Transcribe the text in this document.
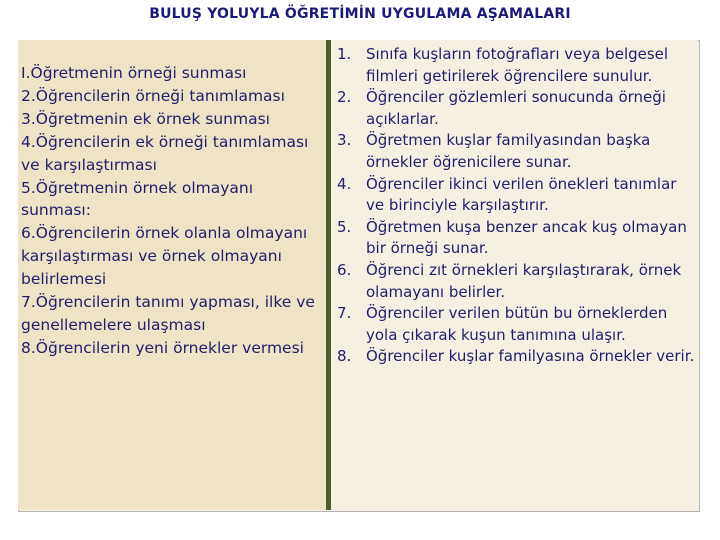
BULUŞ YOLUYLA ÖĞRETİMİN UYGULAMA AŞAMALARI
I.Öğretmenin örneği sunması
2.Öğrencilerin örneği tanımlaması
3.Öğretmenin ek örnek sunması
4.Öğrencilerin ek örneği tanımlaması ve karşılaştırması
5.Öğretmenin örnek olmayanı sunması:
6.Öğrencilerin örnek olanla olmayanı karşılaştırması ve örnek olmayanı belirlemesi
7.Öğrencilerin tanımı yapması, ilke ve genellemelere ulaşması
8.Öğrencilerin yeni örnekler vermesi
1. Sınıfa kuşların fotoğrafları veya belgesel filmleri getirilerek öğrencilere sunulur.
2. Öğrenciler gözlemleri sonucunda örneği açıklarlar.
3. Öğretmen kuşlar familyasından başka örnekler öğrenicilere sunar.
4. Öğrenciler ikinci verilen önekleri tanımlar ve birinciyle karşılaştırır.
5. Öğretmen kuşa benzer ancak kuş olmayan bir örneği sunar.
6. Öğrenci zıt örnekleri karşılaştırarak, örnek olamayanı belirler.
7. Öğrenciler verilen bütün bu örneklerden yola çıkarak kuşun tanımına ulaşır.
8. Öğrenciler kuşlar familyasına örnekler verir.
